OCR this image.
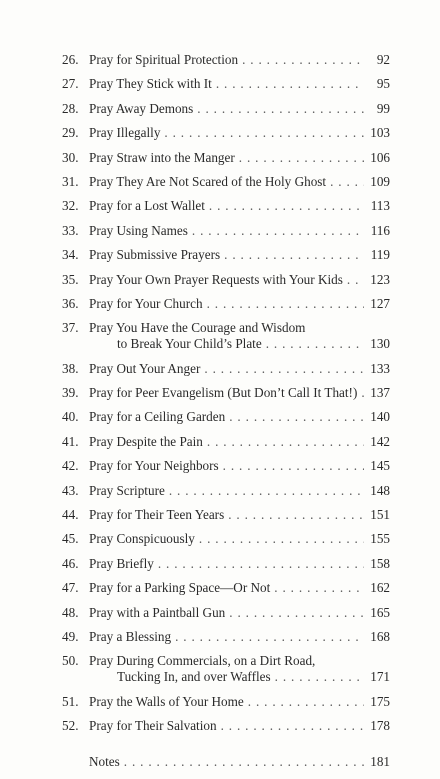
26. Pray for Spiritual Protection . . .	92
27. Pray They Stick with It . . .	95
28. Pray Away Demons . . .	99
29. Pray Illegally . . .	103
30. Pray Straw into the Manger . . .	106
31. Pray They Are Not Scared of the Holy Ghost . . .	109
32. Pray for a Lost Wallet . . .	113
33. Pray Using Names . . .	116
34. Pray Submissive Prayers . . .	119
35. Pray Your Own Prayer Requests with Your Kids . . . 123
36. Pray for Your Church . . .	127
37. Pray You Have the Courage and Wisdom
to Break Your Child’s Plate . . .	130
38. Pray Out Your Anger . . .	133
39. Pray for Peer Evangelism (But Don’t Call It That!) . . . 137
40. Pray for a Ceiling Garden . . .	140
41. Pray Despite the Pain . . .	142
42. Pray for Your Neighbors . . .	145
43. Pray Scripture . . .	148
44. Pray for Their Teen Years . . .	151
45. Pray Conspicuously . . .	155
46. Pray Briefly . . .	158
47. Pray for a Parking Space—Or Not . . .	162
48. Pray with a Paintball Gun . . .	165
49. Pray a Blessing . . .	168
50. Pray During Commercials, on a Dirt Road,
Tucking In, and over Waffles . . .	171
51. Pray the Walls of Your Home . . .	175
52. Pray for Their Salvation . . .	178
Notes . . .	181
